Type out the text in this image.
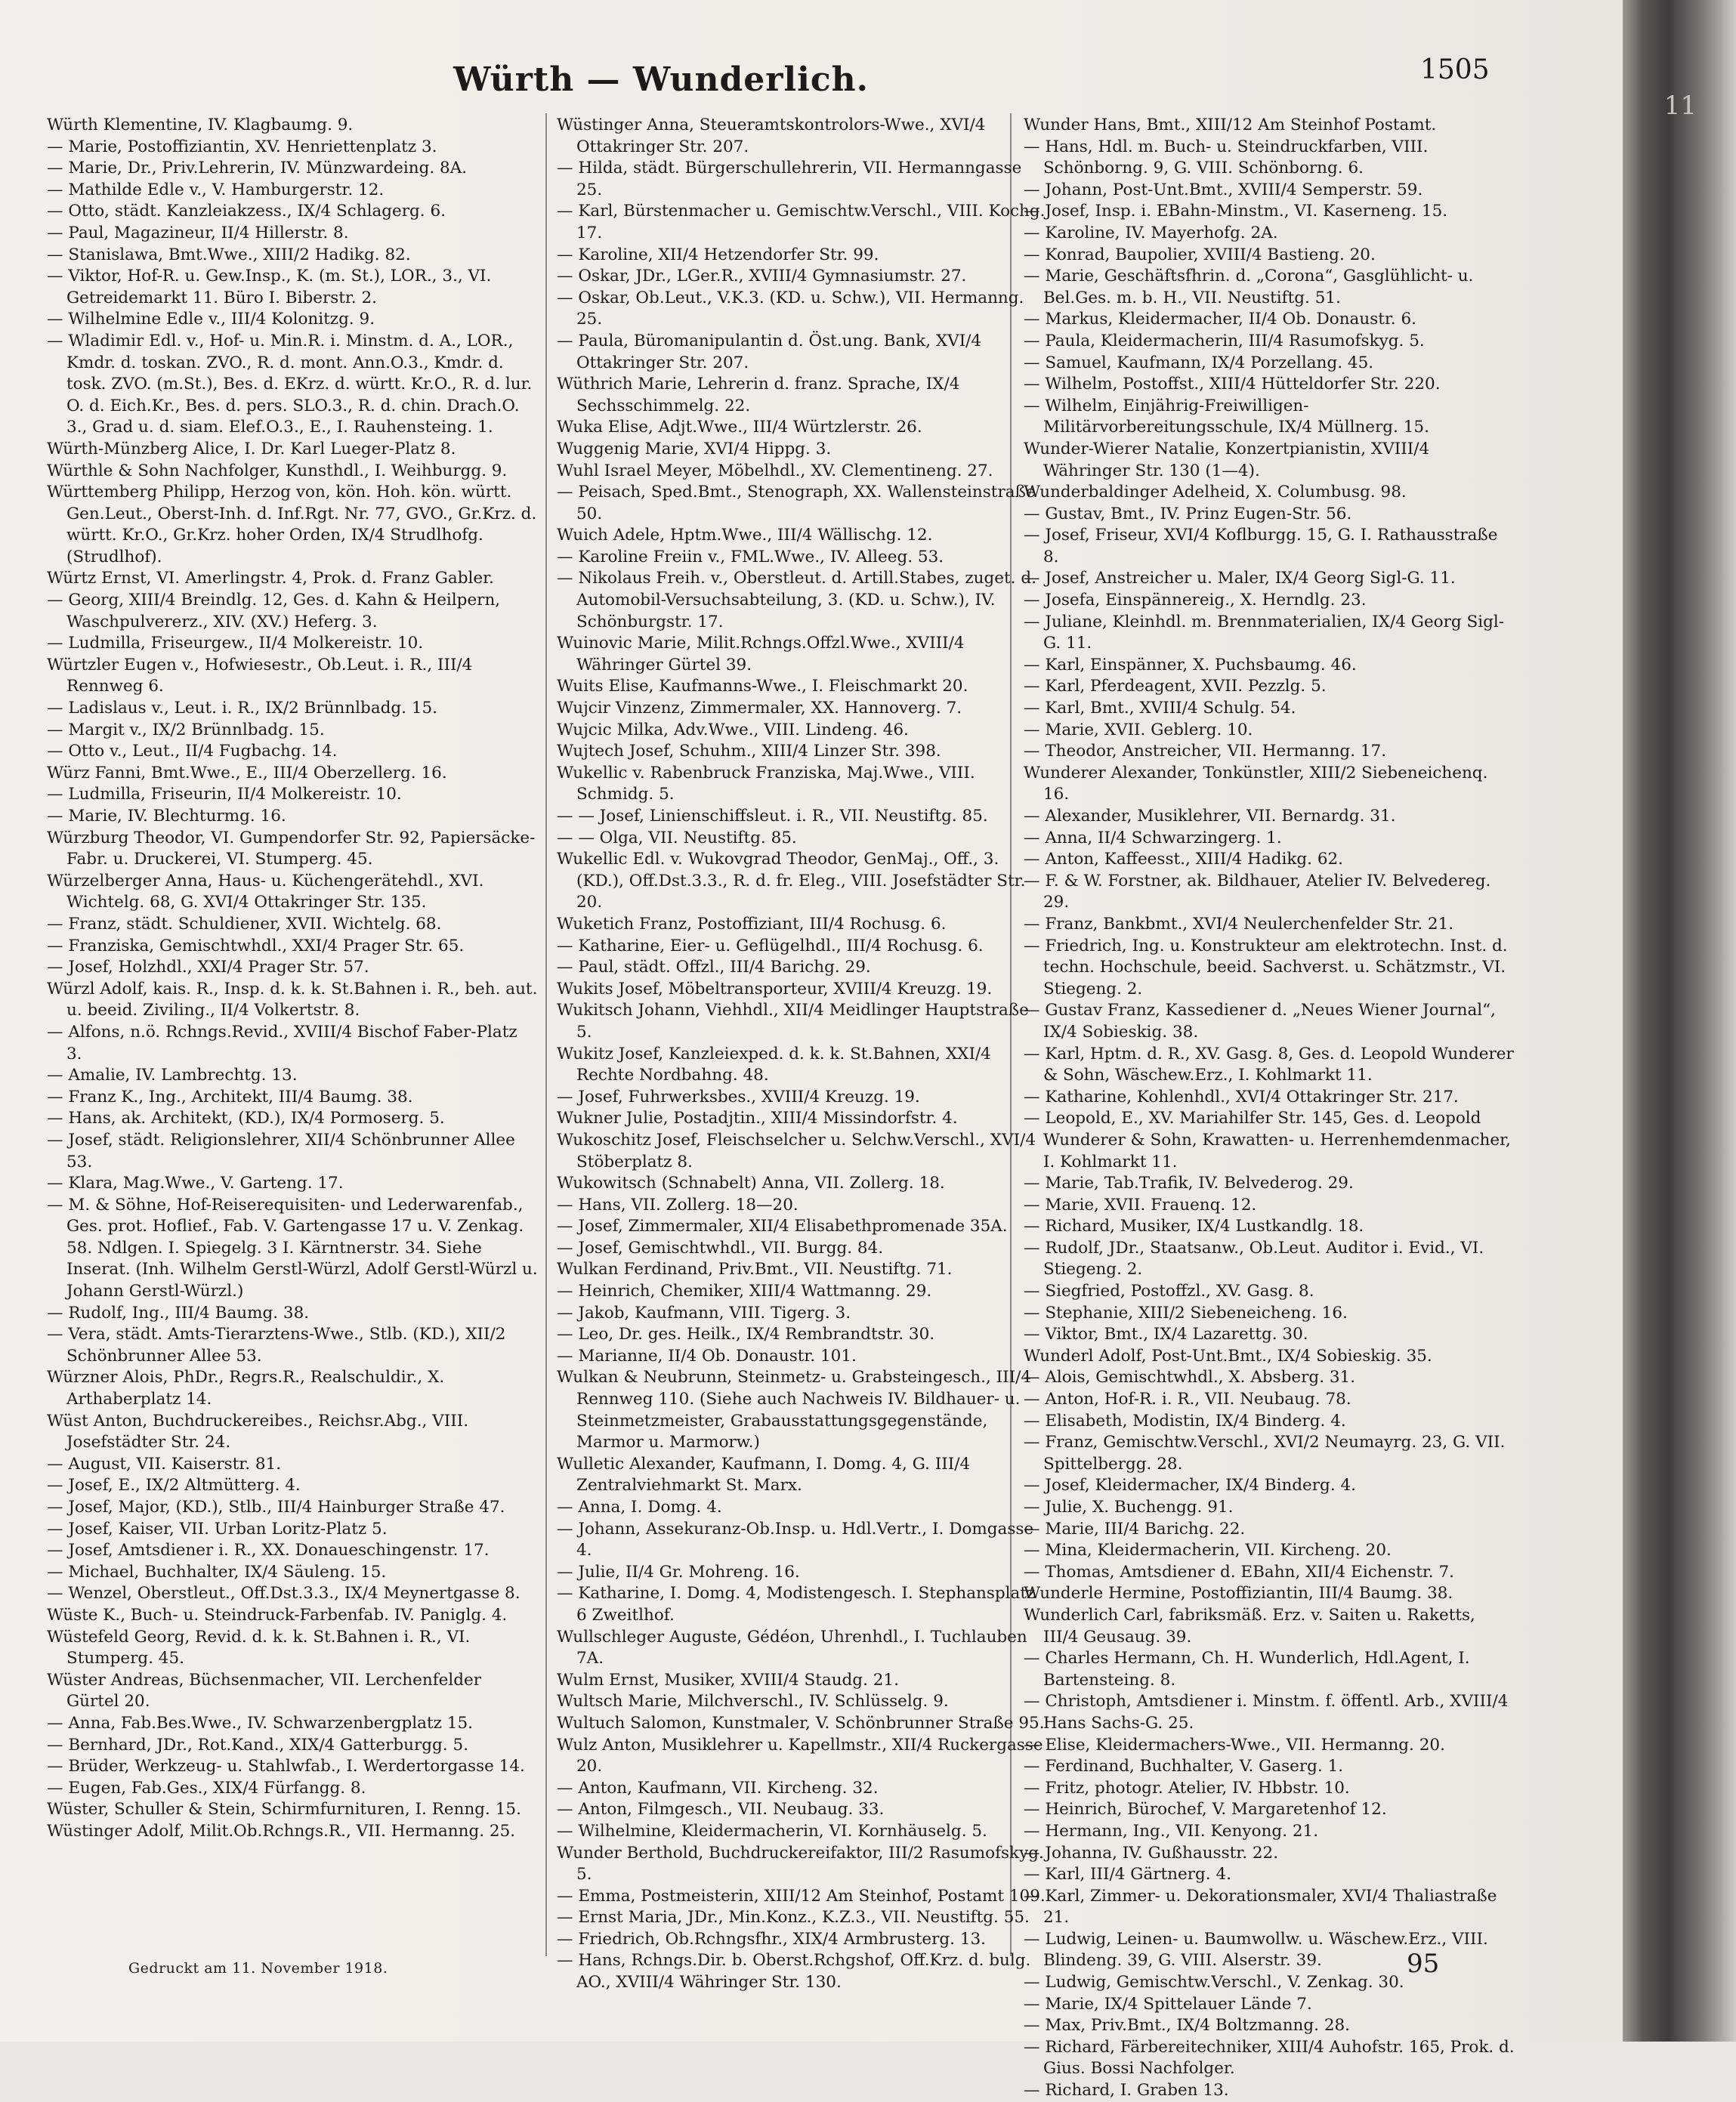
11
Würth — Wunderlich.	1505

Würth Klementine, IV. Klagbaumg. 9.

— Marie, Postoffiziantin, XV. Henriettenplatz 3.

— Marie, Dr., Priv.Lehrerin, IV. Münzwardeing. 8A.

— Mathilde Edle v., V. Hamburgerstr. 12.

— Otto, städt. Kanzleiakzess., IX/4 Schlagerg. 6.

— Paul, Magazineur, II/4 Hillerstr. 8.

— Stanislawa, Bmt.Wwe., XIII/2 Hadikg. 82.

— Viktor, Hof-R. u. Gew.Insp., K. (m. St.), LOR., 3., VI. Getreidemarkt 11. Büro I. Biberstr. 2.

— Wilhelmine Edle v., III/4 Kolonitzg. 9.

— Wladimir Edl. v., Hof- u. Min.R. i. Minstm. d. A., LOR., Kmdr. d. toskan. ZVO., R. d. mont. Ann.O.3., Kmdr. d. tosk. ZVO. (m.St.), Bes. d. EKrz. d. württ. Kr.O., R. d. lur. O. d. Eich.Kr., Bes. d. pers. SLO.3., R. d. chin. Drach.O. 3., Grad u. d. siam. Elef.O.3., E., I. Rauhensteing. 1.

Würth-Münzberg Alice, I. Dr. Karl Lueger-Platz 8.

Würthle & Sohn Nachfolger, Kunsthdl., I. Weihburgg. 9.

Württemberg Philipp, Herzog von, kön. Hoh. kön. württ. Gen.Leut., Oberst-Inh. d. Inf.Rgt. Nr. 77, GVO., Gr.Krz. d. württ. Kr.O., Gr.Krz. hoher Orden, IX/4 Strudlhofg. (Strudlhof).

Würtz Ernst, VI. Amerlingstr. 4, Prok. d. Franz Gabler.

— Georg, XIII/4 Breindlg. 12, Ges. d. Kahn & Heilpern, Waschpulvererz., XIV. (XV.) Heferg. 3.

— Ludmilla, Friseurgew., II/4 Molkereistr. 10.

Würtzler Eugen v., Hofwiesestr., Ob.Leut. i. R., III/4 Rennweg 6.

— Ladislaus v., Leut. i. R., IX/2 Brünnlbadg. 15.

— Margit v., IX/2 Brünnlbadg. 15.

— Otto v., Leut., II/4 Fugbachg. 14.

Würz Fanni, Bmt.Wwe., E., III/4 Oberzellerg. 16.

— Ludmilla, Friseurin, II/4 Molkereistr. 10.

— Marie, IV. Blechturmg. 16.

Würzburg Theodor, VI. Gumpendorfer Str. 92, Papiersäcke-Fabr. u. Druckerei, VI. Stumperg. 45.

Würzelberger Anna, Haus- u. Küchengerätehdl., XVI. Wichtelg. 68, G. XVI/4 Ottakringer Str. 135.

— Franz, städt. Schuldiener, XVII. Wichtelg. 68.

— Franziska, Gemischtwhdl., XXI/4 Prager Str. 65.

— Josef, Holzhdl., XXI/4 Prager Str. 57.

Würzl Adolf, kais. R., Insp. d. k. k. St.Bahnen i. R., beh. aut. u. beeid. Ziviling., II/4 Volkertstr. 8.

— Alfons, n.ö. Rchngs.Revid., XVIII/4 Bischof Faber-Platz 3.

— Amalie, IV. Lambrechtg. 13.

— Franz K., Ing., Architekt, III/4 Baumg. 38.

— Hans, ak. Architekt, (KD.), IX/4 Pormoserg. 5.

— Josef, städt. Religionslehrer, XII/4 Schönbrunner Allee 53.

— Klara, Mag.Wwe., V. Garteng. 17.

— M. & Söhne, Hof-Reiserequisiten- und Lederwarenfab., Ges. prot. Hoflief., Fab. V. Gartengasse 17 u. V. Zenkag. 58. Ndlgen. I. Spiegelg. 3 I. Kärntnerstr. 34. Siehe Inserat. (Inh. Wilhelm Gerstl-Würzl, Adolf Gerstl-Würzl u. Johann Gerstl-Würzl.)

— Rudolf, Ing., III/4 Baumg. 38.

— Vera, städt. Amts-Tierarztens-Wwe., Stlb. (KD.), XII/2 Schönbrunner Allee 53.

Würzner Alois, PhDr., Regrs.R., Realschuldir., X. Arthaberplatz 14.

Wüst Anton, Buchdruckereibes., Reichsr.Abg., VIII. Josefstädter Str. 24.

— August, VII. Kaiserstr. 81.

— Josef, E., IX/2 Altmütterg. 4.

— Josef, Major, (KD.), Stlb., III/4 Hainburger Straße 47.

— Josef, Kaiser, VII. Urban Loritz-Platz 5.

— Josef, Amtsdiener i. R., XX. Donaueschingenstr. 17.

— Michael, Buchhalter, IX/4 Säuleng. 15.

— Wenzel, Oberstleut., Off.Dst.3.3., IX/4 Meynertgasse 8.

Wüste K., Buch- u. Steindruck-Farbenfab. IV. Paniglg. 4.

Wüstefeld Georg, Revid. d. k. k. St.Bahnen i. R., VI. Stumperg. 45.

Wüster Andreas, Büchsenmacher, VII. Lerchenfelder Gürtel 20.

— Anna, Fab.Bes.Wwe., IV. Schwarzenbergplatz 15.

— Bernhard, JDr., Rot.Kand., XIX/4 Gatterburgg. 5.

— Brüder, Werkzeug- u. Stahlwfab., I. Werdertorgasse 14.

— Eugen, Fab.Ges., XIX/4 Fürfangg. 8.

Wüster, Schuller & Stein, Schirmfurnituren, I. Renng. 15.

Wüstinger Adolf, Milit.Ob.Rchngs.R., VII. Hermanng. 25.

Wüstinger Anna, Steueramtskontrolors-Wwe., XVI/4 Ottakringer Str. 207.

— Hilda, städt. Bürgerschullehrerin, VII. Hermanngasse 25.

— Karl, Bürstenmacher u. Gemischtw.Verschl., VIII. Kochg. 17.

— Karoline, XII/4 Hetzendorfer Str. 99.

— Oskar, JDr., LGer.R., XVIII/4 Gymnasiumstr. 27.

— Oskar, Ob.Leut., V.K.3. (KD. u. Schw.), VII. Hermanng. 25.

— Paula, Büromanipulantin d. Öst.ung. Bank, XVI/4 Ottakringer Str. 207.

Wüthrich Marie, Lehrerin d. franz. Sprache, IX/4 Sechsschimmelg. 22.

Wuka Elise, Adjt.Wwe., III/4 Würtzlerstr. 26.

Wuggenig Marie, XVI/4 Hippg. 3.

Wuhl Israel Meyer, Möbelhdl., XV. Clementineng. 27.

— Peisach, Sped.Bmt., Stenograph, XX. Wallensteinstraße 50.

Wuich Adele, Hptm.Wwe., III/4 Wällischg. 12.

— Karoline Freiin v., FML.Wwe., IV. Alleeg. 53.

— Nikolaus Freih. v., Oberstleut. d. Artill.Stabes, zuget. d. Automobil-Versuchsabteilung, 3. (KD. u. Schw.), IV. Schönburgstr. 17.

Wuinovic Marie, Milit.Rchngs.Offzl.Wwe., XVIII/4 Währinger Gürtel 39.

Wuits Elise, Kaufmanns-Wwe., I. Fleischmarkt 20.

Wujcir Vinzenz, Zimmermaler, XX. Hannoverg. 7.

Wujcic Milka, Adv.Wwe., VIII. Lindeng. 46.

Wujtech Josef, Schuhm., XIII/4 Linzer Str. 398.

Wukellic v. Rabenbruck Franziska, Maj.Wwe., VIII. Schmidg. 5.

— — Josef, Linienschiffsleut. i. R., VII. Neustiftg. 85.

— — Olga, VII. Neustiftg. 85.

Wukellic Edl. v. Wukovgrad Theodor, GenMaj., Off., 3. (KD.), Off.Dst.3.3., R. d. fr. Eleg., VIII. Josefstädter Str. 20.

Wuketich Franz, Postoffiziant, III/4 Rochusg. 6.

— Katharine, Eier- u. Geflügelhdl., III/4 Rochusg. 6.

— Paul, städt. Offzl., III/4 Barichg. 29.

Wukits Josef, Möbeltransporteur, XVIII/4 Kreuzg. 19.

Wukitsch Johann, Viehhdl., XII/4 Meidlinger Hauptstraße 5.

Wukitz Josef, Kanzleiexped. d. k. k. St.Bahnen, XXI/4 Rechte Nordbahng. 48.

— Josef, Fuhrwerksbes., XVIII/4 Kreuzg. 19.

Wukner Julie, Postadjtin., XIII/4 Missindorfstr. 4.

Wukoschitz Josef, Fleischselcher u. Selchw.Verschl., XVI/4 Stöberplatz 8.

Wukowitsch (Schnabelt) Anna, VII. Zollerg. 18.

— Hans, VII. Zollerg. 18—20.

— Josef, Zimmermaler, XII/4 Elisabethpromenade 35A.

— Josef, Gemischtwhdl., VII. Burgg. 84.

Wulkan Ferdinand, Priv.Bmt., VII. Neustiftg. 71.

— Heinrich, Chemiker, XIII/4 Wattmanng. 29.

— Jakob, Kaufmann, VIII. Tigerg. 3.

— Leo, Dr. ges. Heilk., IX/4 Rembrandtstr. 30.

— Marianne, II/4 Ob. Donaustr. 101.

Wulkan & Neubrunn, Steinmetz- u. Grabsteingesch., III/4 Rennweg 110. (Siehe auch Nachweis IV. Bildhauer- u. Steinmetzmeister, Grabausstattungsgegenstände, Marmor u. Marmorw.)

Wulletic Alexander, Kaufmann, I. Domg. 4, G. III/4 Zentralviehmarkt St. Marx.

— Anna, I. Domg. 4.

— Johann, Assekuranz-Ob.Insp. u. Hdl.Vertr., I. Domgasse 4.

— Julie, II/4 Gr. Mohreng. 16.

— Katharine, I. Domg. 4, Modistengesch. I. Stephansplatz 6 Zweitlhof.

Wullschleger Auguste, Gédéon, Uhrenhdl., I. Tuchlauben 7A.

Wulm Ernst, Musiker, XVIII/4 Staudg. 21.

Wultsch Marie, Milchverschl., IV. Schlüsselg. 9.

Wultuch Salomon, Kunstmaler, V. Schönbrunner Straße 95.

Wulz Anton, Musiklehrer u. Kapellmstr., XII/4 Ruckergasse 20.

— Anton, Kaufmann, VII. Kircheng. 32.

— Anton, Filmgesch., VII. Neubaug. 33.

— Wilhelmine, Kleidermacherin, VI. Kornhäuselg. 5.

Wunder Berthold, Buchdruckereifaktor, III/2 Rasumofskyg. 5.

— Emma, Postmeisterin, XIII/12 Am Steinhof, Postamt 109.

— Ernst Maria, JDr., Min.Konz., K.Z.3., VII. Neustiftg. 55.

— Friedrich, Ob.Rchngsfhr., XIX/4 Armbrusterg. 13.

— Hans, Rchngs.Dir. b. Oberst.Rchgshof, Off.Krz. d. bulg. AO., XVIII/4 Währinger Str. 130.

Wunder Hans, Bmt., XIII/12 Am Steinhof Postamt.

— Hans, Hdl. m. Buch- u. Steindruckfarben, VIII. Schönborng. 9, G. VIII. Schönborng. 6.

— Johann, Post-Unt.Bmt., XVIII/4 Semperstr. 59.

— Josef, Insp. i. EBahn-Minstm., VI. Kaserneng. 15.

— Karoline, IV. Mayerhofg. 2A.

— Konrad, Baupolier, XVIII/4 Bastieng. 20.

— Marie, Geschäftsfhrin. d. „Corona“, Gasglühlicht- u. Bel.Ges. m. b. H., VII. Neustiftg. 51.

— Markus, Kleidermacher, II/4 Ob. Donaustr. 6.

— Paula, Kleidermacherin, III/4 Rasumofskyg. 5.

— Samuel, Kaufmann, IX/4 Porzellang. 45.

— Wilhelm, Postoffst., XIII/4 Hütteldorfer Str. 220.

— Wilhelm, Einjährig-Freiwilligen-Militärvorbereitungsschule, IX/4 Müllnerg. 15.

Wunder-Wierer Natalie, Konzertpianistin, XVIII/4 Währinger Str. 130 (1—4).

Wunderbaldinger Adelheid, X. Columbusg. 98.

— Gustav, Bmt., IV. Prinz Eugen-Str. 56.

— Josef, Friseur, XVI/4 Koflburgg. 15, G. I. Rathausstraße 8.

— Josef, Anstreicher u. Maler, IX/4 Georg Sigl-G. 11.

— Josefa, Einspännereig., X. Herndlg. 23.

— Juliane, Kleinhdl. m. Brennmaterialien, IX/4 Georg Sigl-G. 11.

— Karl, Einspänner, X. Puchsbaumg. 46.

— Karl, Pferdeagent, XVII. Pezzlg. 5.

— Karl, Bmt., XVIII/4 Schulg. 54.

— Marie, XVII. Geblerg. 10.

— Theodor, Anstreicher, VII. Hermanng. 17.

Wunderer Alexander, Tonkünstler, XIII/2 Siebeneichenq. 16.

— Alexander, Musiklehrer, VII. Bernardg. 31.

— Anna, II/4 Schwarzingerg. 1.

— Anton, Kaffeesst., XIII/4 Hadikg. 62.

— F. & W. Forstner, ak. Bildhauer, Atelier IV. Belvedereg. 29.

— Franz, Bankbmt., XVI/4 Neulerchenfelder Str. 21.

— Friedrich, Ing. u. Konstrukteur am elektrotechn. Inst. d. techn. Hochschule, beeid. Sachverst. u. Schätzmstr., VI. Stiegeng. 2.

— Gustav Franz, Kassediener d. „Neues Wiener Journal“, IX/4 Sobieskig. 38.

— Karl, Hptm. d. R., XV. Gasg. 8, Ges. d. Leopold Wunderer & Sohn, Wäschew.Erz., I. Kohlmarkt 11.

— Katharine, Kohlenhdl., XVI/4 Ottakringer Str. 217.

— Leopold, E., XV. Mariahilfer Str. 145, Ges. d. Leopold Wunderer & Sohn, Krawatten- u. Herrenhemdenmacher, I. Kohlmarkt 11.

— Marie, Tab.Trafik, IV. Belvederog. 29.

— Marie, XVII. Frauenq. 12.

— Richard, Musiker, IX/4 Lustkandlg. 18.

— Rudolf, JDr., Staatsanw., Ob.Leut. Auditor i. Evid., VI. Stiegeng. 2.

— Siegfried, Postoffzl., XV. Gasg. 8.

— Stephanie, XIII/2 Siebeneicheng. 16.

— Viktor, Bmt., IX/4 Lazarettg. 30.

Wunderl Adolf, Post-Unt.Bmt., IX/4 Sobieskig. 35.

— Alois, Gemischtwhdl., X. Absberg. 31.

— Anton, Hof-R. i. R., VII. Neubaug. 78.

— Elisabeth, Modistin, IX/4 Binderg. 4.

— Franz, Gemischtw.Verschl., XVI/2 Neumayrg. 23, G. VII. Spittelbergg. 28.

— Josef, Kleidermacher, IX/4 Binderg. 4.

— Julie, X. Buchengg. 91.

— Marie, III/4 Barichg. 22.

— Mina, Kleidermacherin, VII. Kircheng. 20.

— Thomas, Amtsdiener d. EBahn, XII/4 Eichenstr. 7.

Wunderle Hermine, Postoffiziantin, III/4 Baumg. 38.

Wunderlich Carl, fabriksmäß. Erz. v. Saiten u. Raketts, III/4 Geusaug. 39.

— Charles Hermann, Ch. H. Wunderlich, Hdl.Agent, I. Bartensteing. 8.

— Christoph, Amtsdiener i. Minstm. f. öffentl. Arb., XVIII/4 Hans Sachs-G. 25.

— Elise, Kleidermachers-Wwe., VII. Hermanng. 20.

— Ferdinand, Buchhalter, V. Gaserg. 1.

— Fritz, photogr. Atelier, IV. Hbbstr. 10.

— Heinrich, Bürochef, V. Margaretenhof 12.

— Hermann, Ing., VII. Kenyong. 21.

— Johanna, IV. Gußhausstr. 22.

— Karl, III/4 Gärtnerg. 4.

— Karl, Zimmer- u. Dekorationsmaler, XVI/4 Thaliastraße 21.

— Ludwig, Leinen- u. Baumwollw. u. Wäschew.Erz., VIII. Blindeng. 39, G. VIII. Alserstr. 39.

— Ludwig, Gemischtw.Verschl., V. Zenkag. 30.

— Marie, IX/4 Spittelauer Lände 7.

— Max, Priv.Bmt., IX/4 Boltzmanng. 28.

— Richard, Färbereitechniker, XIII/4 Auhofstr. 165, Prok. d. Gius. Bossi Nachfolger.

— Richard, I. Graben 13.

Gedruckt am 11. November 1918.	95
